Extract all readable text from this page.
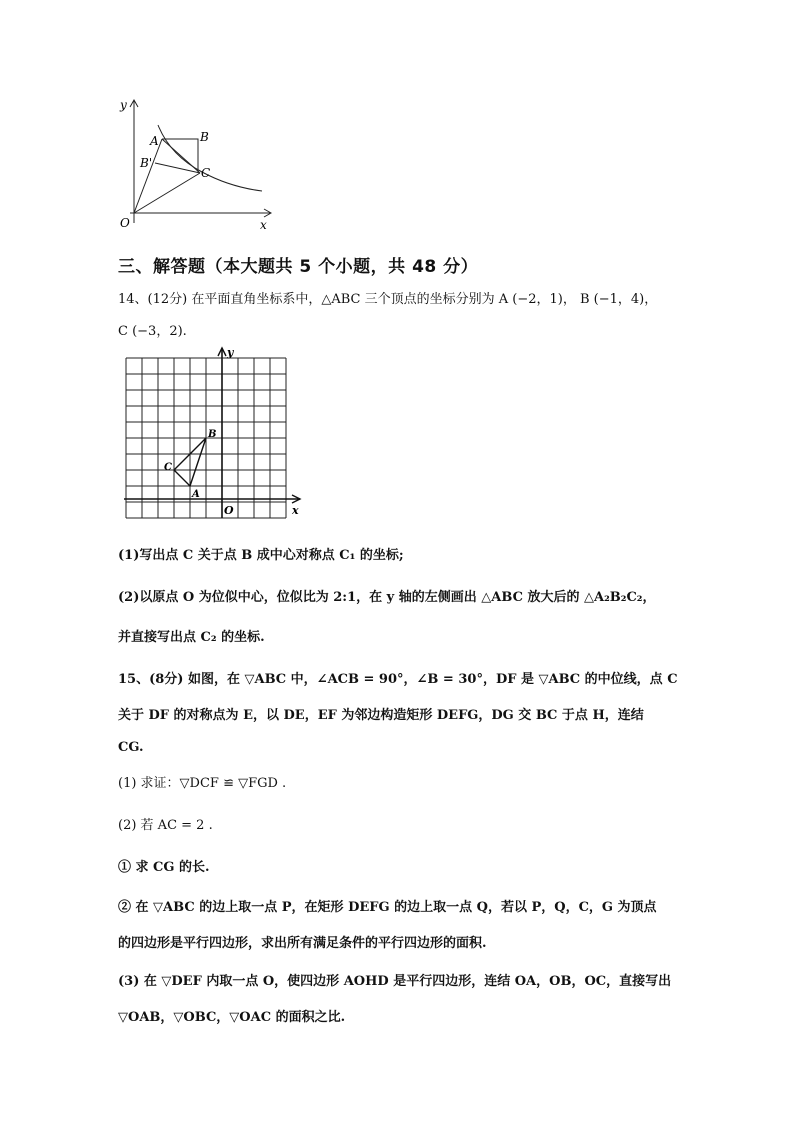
y
x
O
A	B
B'
C
三、解答题（本大题共 5 个小题，共 48 分）
14、(12分) 在平面直角坐标系中，△ABC 三个顶点的坐标分别为 A (−2，1)， B (−1，4)，
C (−3，2).
y
x
O
A
B
C
(1)写出点 C 关于点 B 成中心对称点 C₁ 的坐标;
(2)以原点 O 为位似中心，位似比为 2:1，在 y 轴的左侧画出 △ABC 放大后的 △A₂B₂C₂，
并直接写出点 C₂ 的坐标.
15、(8分) 如图，在 ▽ABC 中，∠ACB = 90°，∠B = 30°，DF 是 ▽ABC 的中位线，点 C
关于 DF 的对称点为 E，以 DE，EF 为邻边构造矩形 DEFG，DG 交 BC 于点 H，连结
CG.
(1) 求证：▽DCF ≌ ▽FGD .
(2) 若 AC = 2 .
① 求 CG 的长.
② 在 ▽ABC 的边上取一点 P，在矩形 DEFG 的边上取一点 Q，若以 P，Q，C，G 为顶点
的四边形是平行四边形，求出所有满足条件的平行四边形的面积.
(3) 在 ▽DEF 内取一点 O，使四边形 AOHD 是平行四边形，连结 OA，OB，OC，直接写出
▽OAB，▽OBC，▽OAC 的面积之比.
